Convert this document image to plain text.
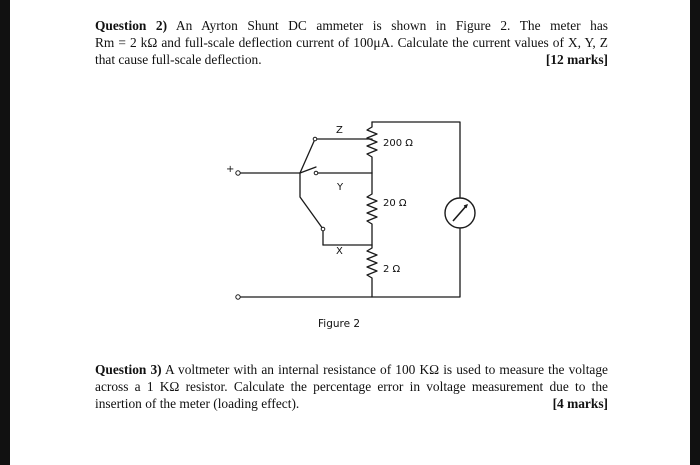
Question 2) An Ayrton Shunt DC ammeter is shown in Figure 2. The meter has
Rm = 2 kΩ and full-scale deflection current of 100μA. Calculate the current values of X, Y, Z
that cause full-scale deflection.	[12 marks]
Z
Y
X
200 Ω
20 Ω
2 Ω
+
Figure 2
Question 3) A voltmeter with an internal resistance of 100 KΩ is used to measure the voltage
across a 1 KΩ resistor. Calculate the percentage error in voltage measurement due to the
insertion of the meter (loading effect).	[4 marks]
